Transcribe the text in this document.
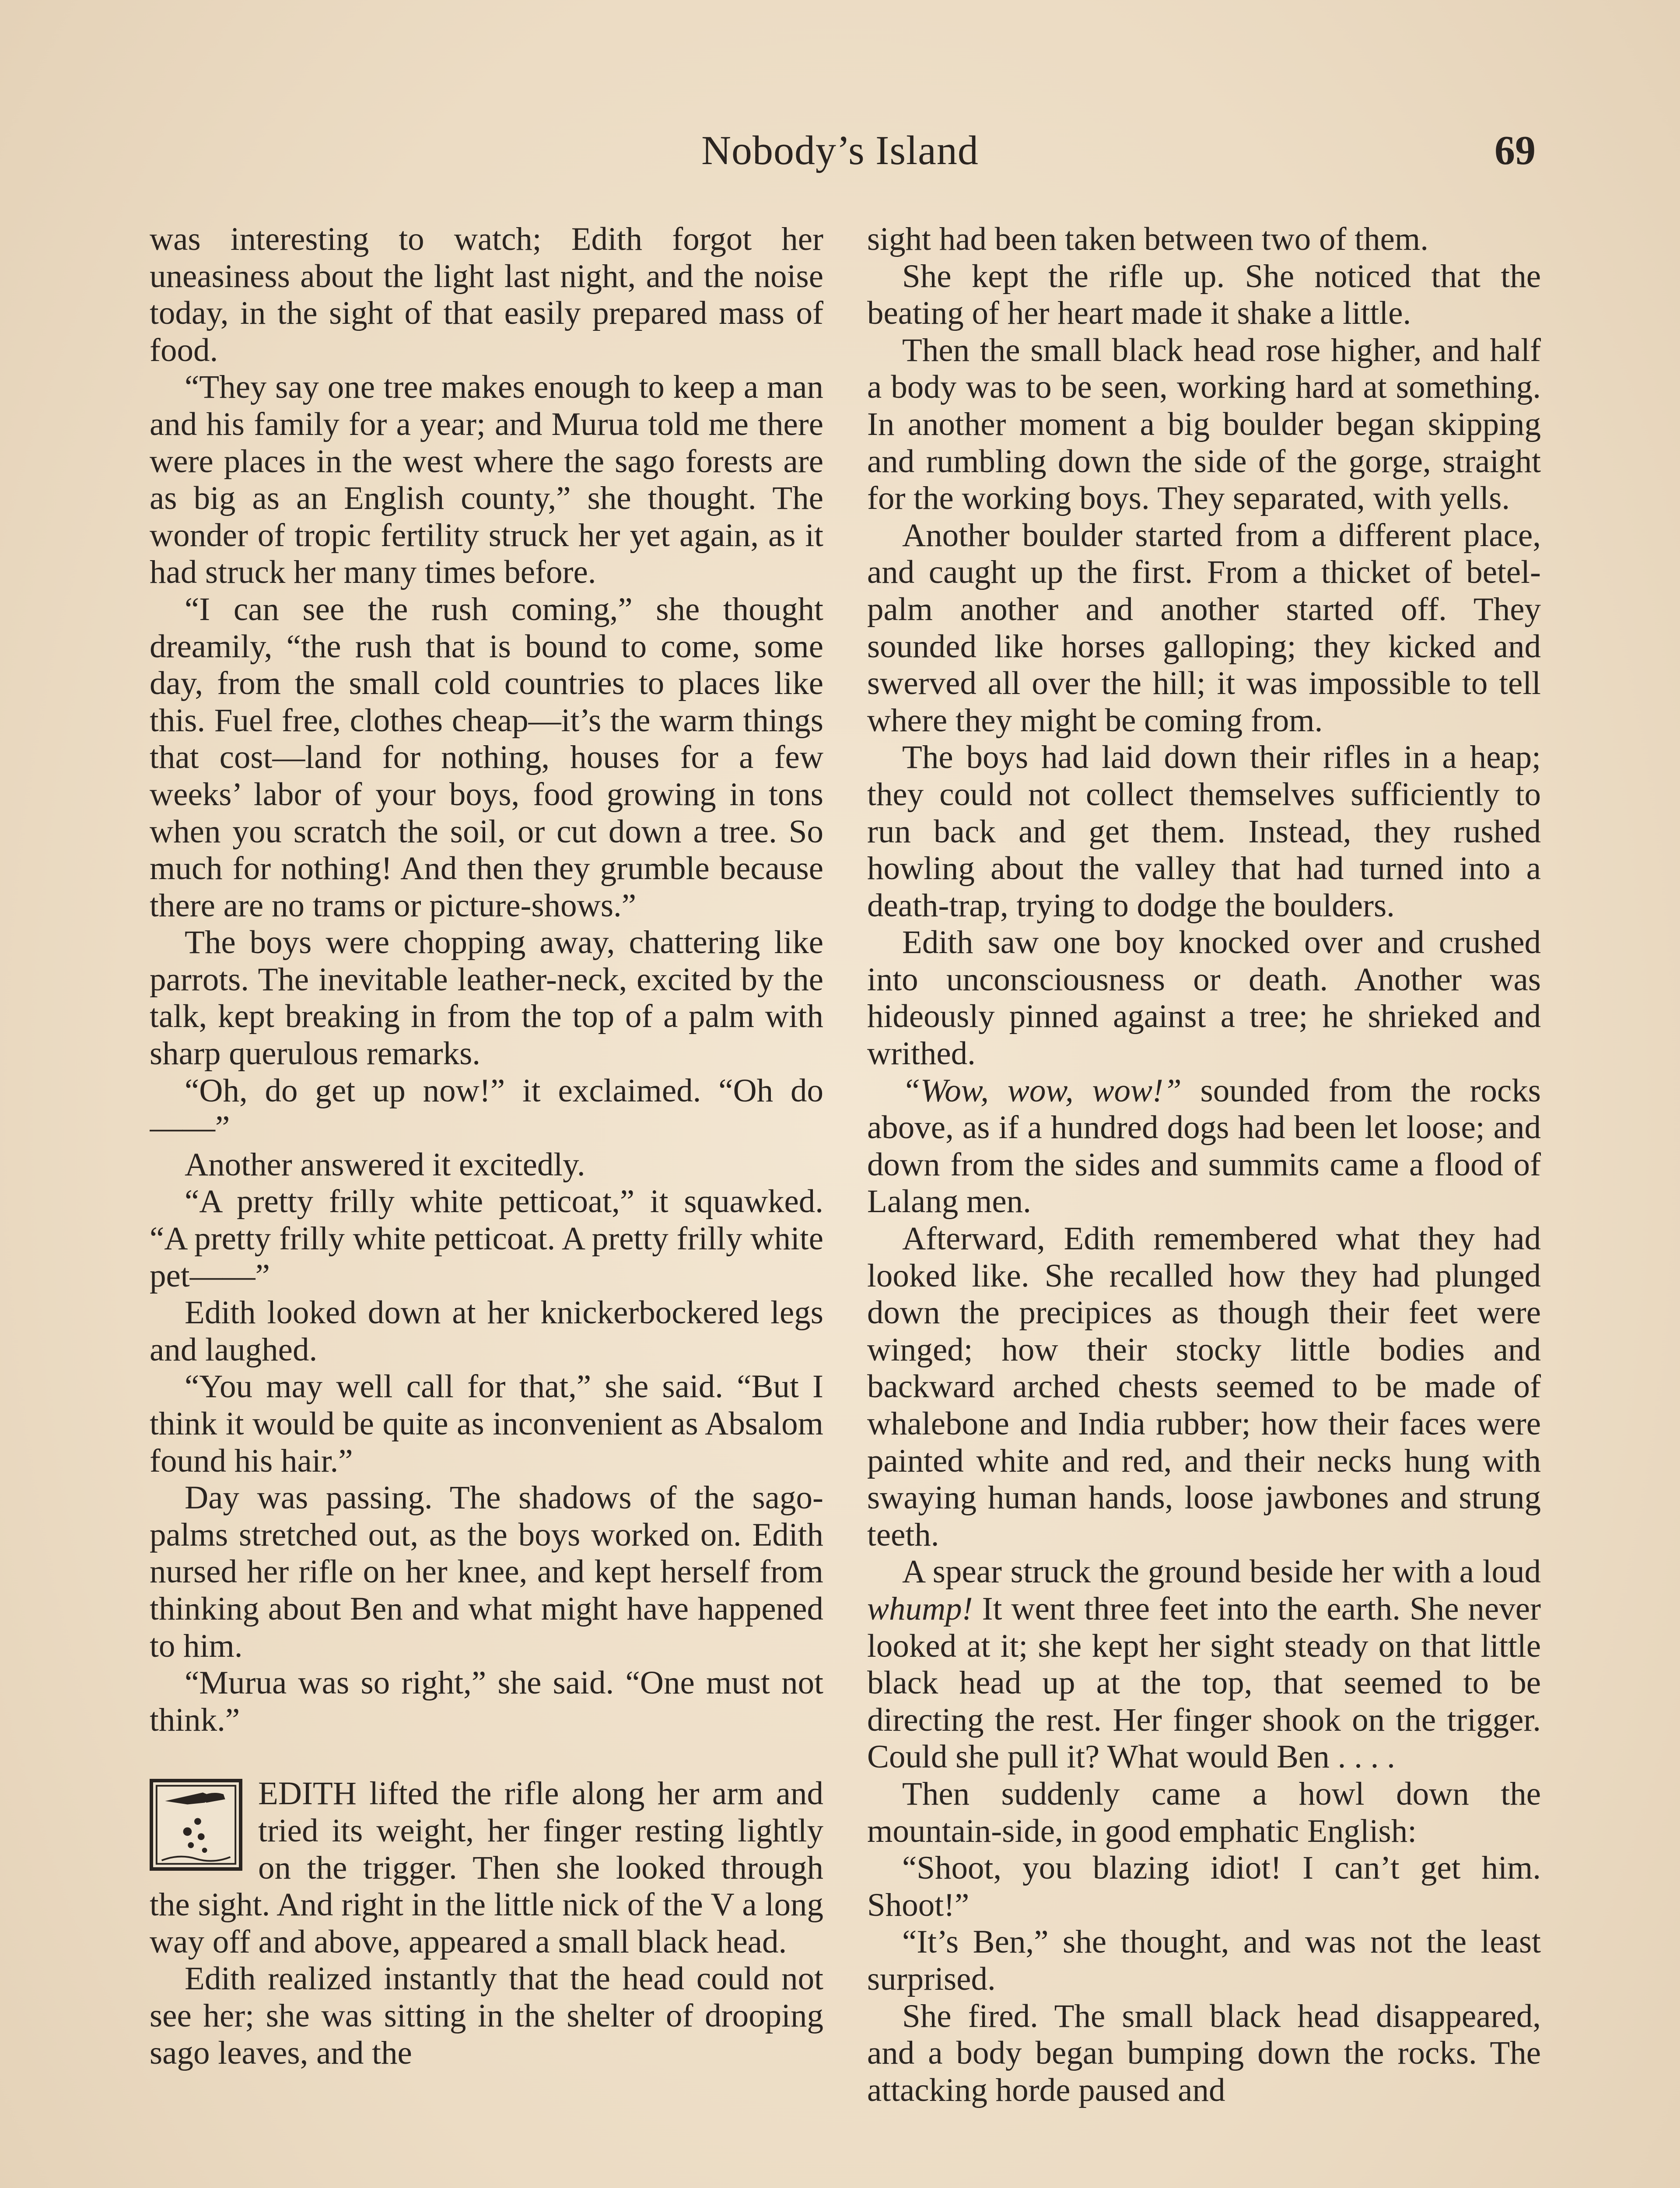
Nobody’s Island	69

was interesting to watch; Edith forgot her uneasiness about the light last night, and the noise today, in the sight of that easily prepared mass of food.

“They say one tree makes enough to keep a man and his family for a year; and Murua told me there were places in the west where the sago forests are as big as an English county,” she thought. The wonder of tropic fertility struck her yet again, as it had struck her many times before.

“I can see the rush coming,” she thought dreamily, “the rush that is bound to come, some day, from the small cold countries to places like this. Fuel free, clothes cheap—it’s the warm things that cost—land for nothing, houses for a few weeks’ labor of your boys, food growing in tons when you scratch the soil, or cut down a tree. So much for nothing! And then they grumble because there are no trams or picture-shows.”

The boys were chopping away, chattering like parrots. The inevitable leather-neck, excited by the talk, kept breaking in from the top of a palm with sharp querulous remarks.

“Oh, do get up now!” it exclaimed. “Oh do——”

Another answered it excitedly.

“A pretty frilly white petticoat,” it squawked. “A pretty frilly white petticoat. A pretty frilly white pet——”

Edith looked down at her knickerbockered legs and laughed.

“You may well call for that,” she said. “But I think it would be quite as inconvenient as Absalom found his hair.”

Day was passing. The shadows of the sago-palms stretched out, as the boys worked on. Edith nursed her rifle on her knee, and kept herself from thinking about Ben and what might have happened to him.

“Murua was so right,” she said. “One must not think.”

EDITH lifted the rifle along her arm and tried its weight, her finger resting lightly on the trigger. Then she looked through the sight. And right in the little nick of the V a long way off and above, appeared a small black head.

Edith realized instantly that the head could not see her; she was sitting in the shelter of drooping sago leaves, and the

sight had been taken between two of them.

She kept the rifle up. She noticed that the beating of her heart made it shake a little.

Then the small black head rose higher, and half a body was to be seen, working hard at something. In another moment a big boulder began skipping and rumbling down the side of the gorge, straight for the working boys. They separated, with yells.

Another boulder started from a different place, and caught up the first. From a thicket of betel-palm another and another started off. They sounded like horses galloping; they kicked and swerved all over the hill; it was impossible to tell where they might be coming from.

The boys had laid down their rifles in a heap; they could not collect themselves sufficiently to run back and get them. Instead, they rushed howling about the valley that had turned into a death-trap, trying to dodge the boulders.

Edith saw one boy knocked over and crushed into unconsciousness or death. Another was hideously pinned against a tree; he shrieked and writhed.

“Wow, wow, wow!” sounded from the rocks above, as if a hundred dogs had been let loose; and down from the sides and summits came a flood of Lalang men.

Afterward, Edith remembered what they had looked like. She recalled how they had plunged down the precipices as though their feet were winged; how their stocky little bodies and backward arched chests seemed to be made of whalebone and India rubber; how their faces were painted white and red, and their necks hung with swaying human hands, loose jawbones and strung teeth.

A spear struck the ground beside her with a loud whump! It went three feet into the earth. She never looked at it; she kept her sight steady on that little black head up at the top, that seemed to be directing the rest. Her finger shook on the trigger. Could she pull it? What would Ben . . . .

Then suddenly came a howl down the mountain-side, in good emphatic English:

“Shoot, you blazing idiot! I can’t get him. Shoot!”

“It’s Ben,” she thought, and was not the least surprised.

She fired. The small black head disappeared, and a body began bumping down the rocks. The attacking horde paused and
